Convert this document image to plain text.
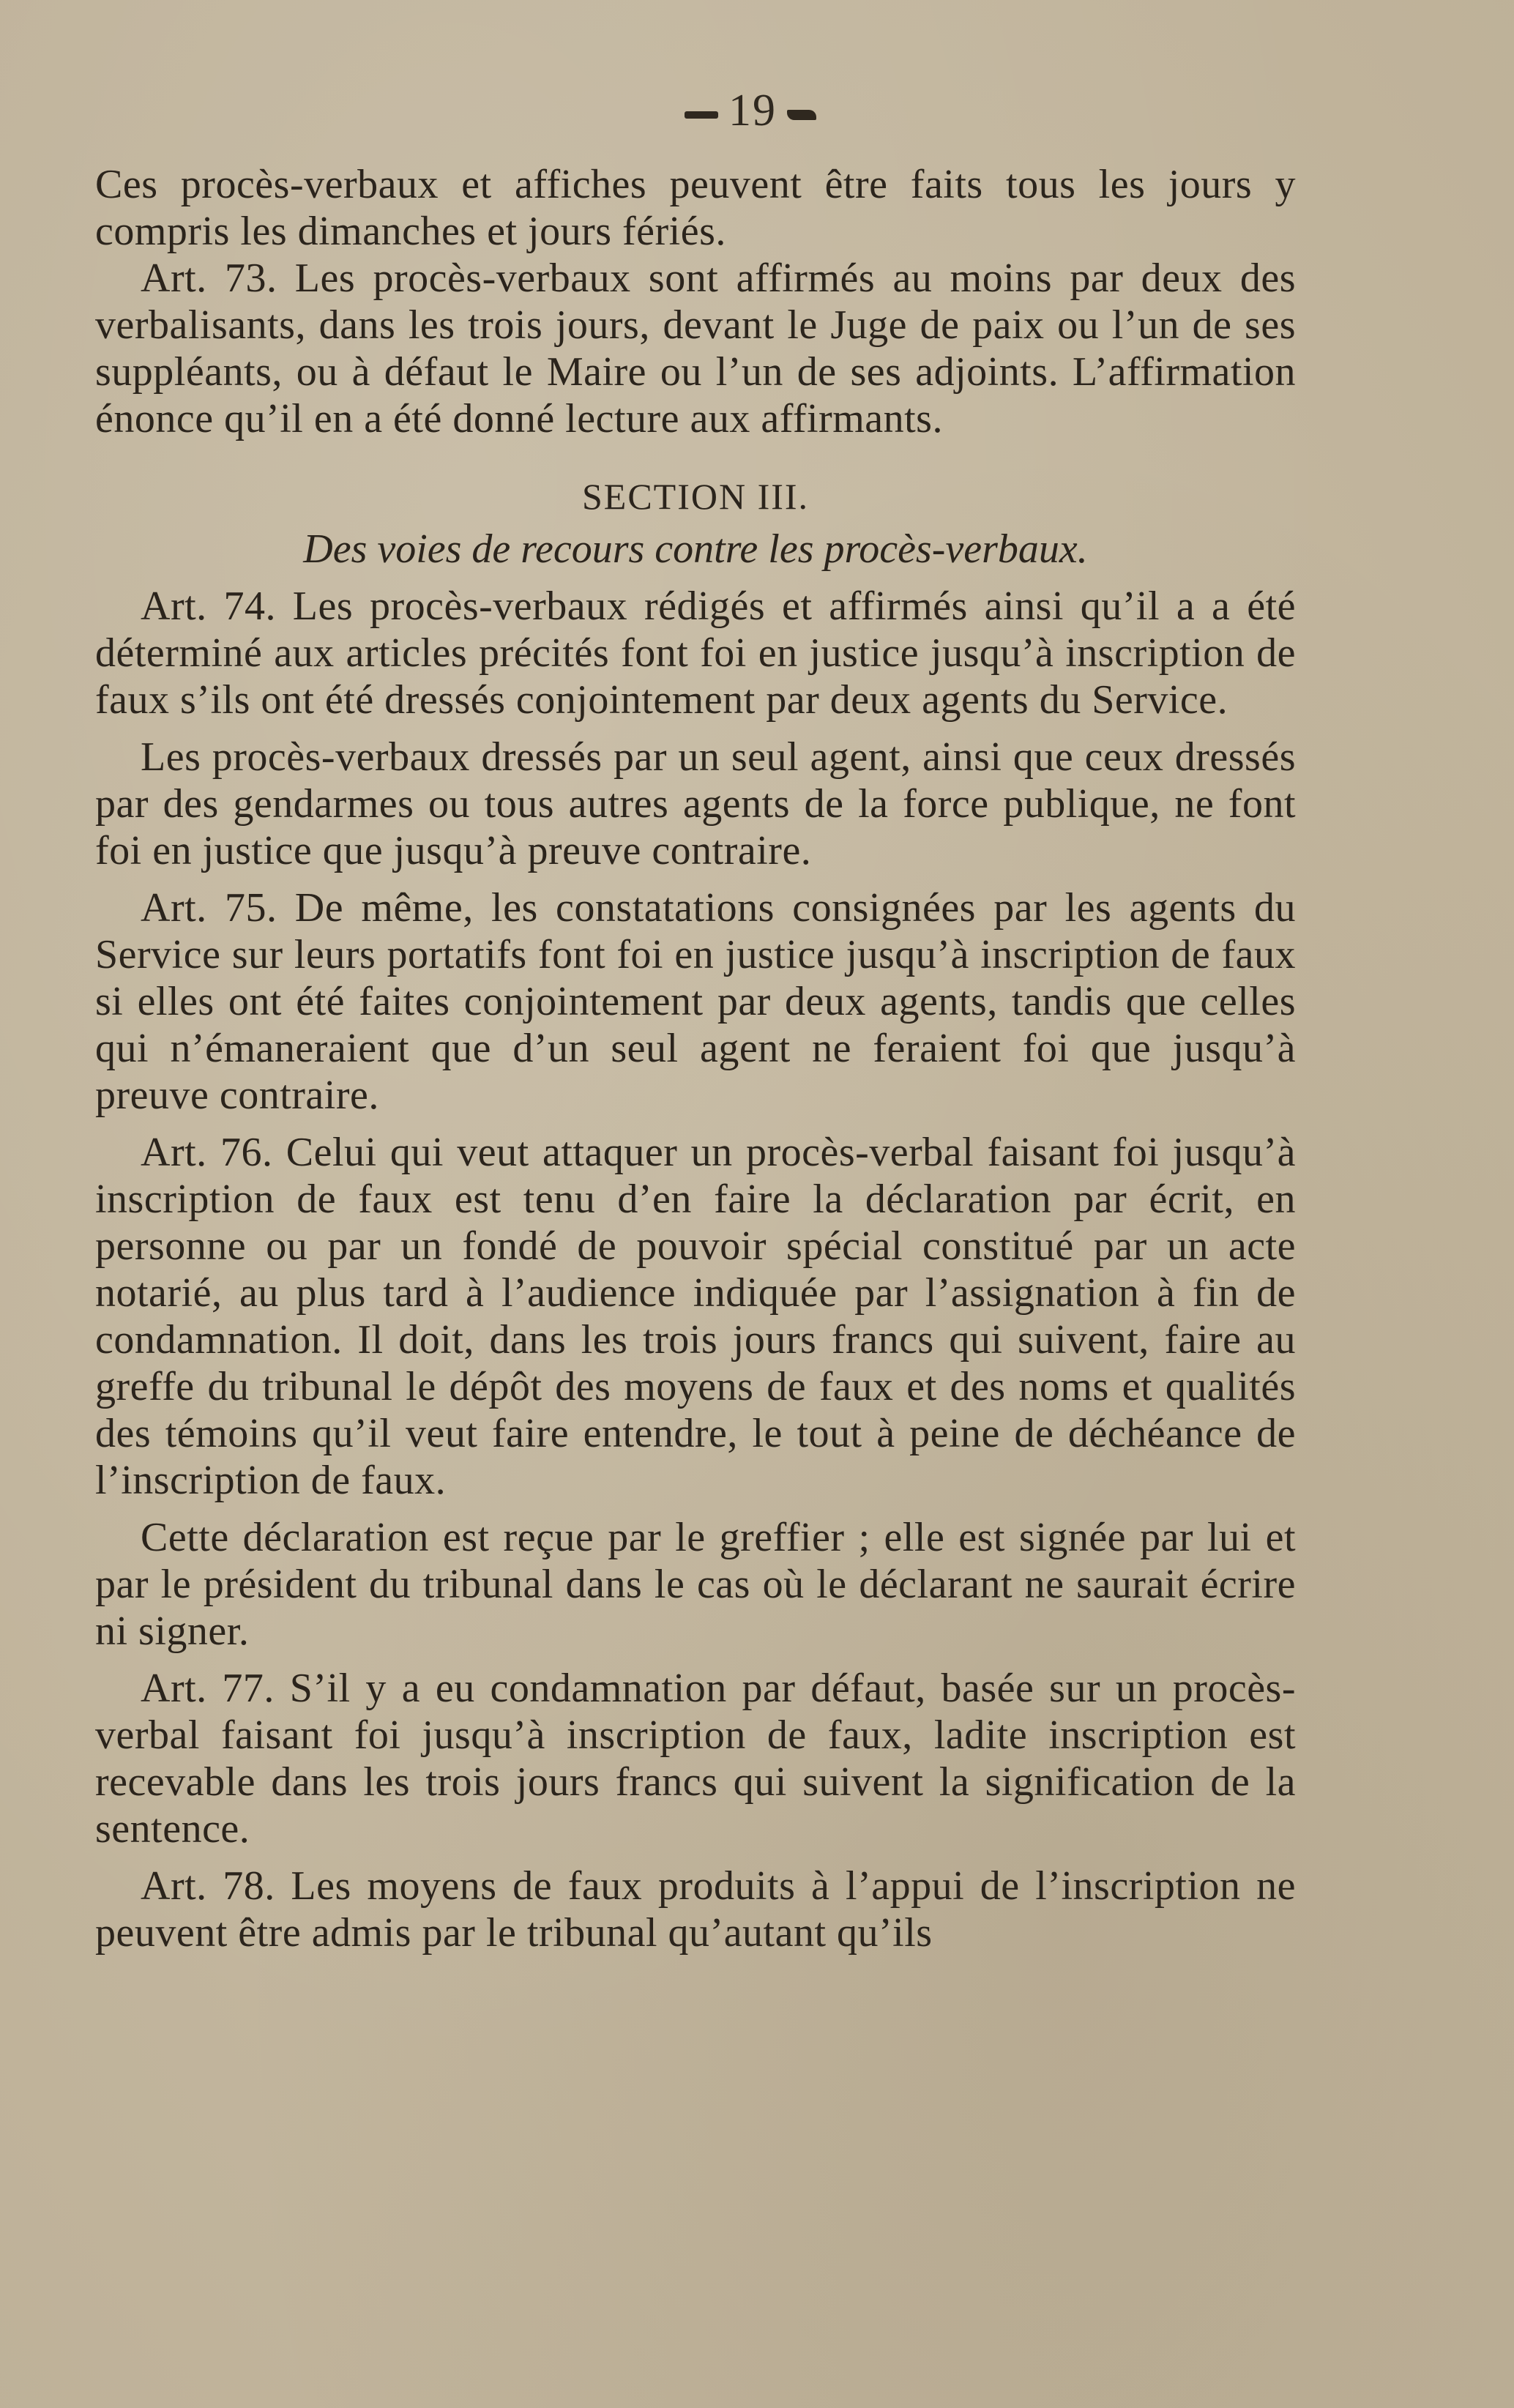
19

Ces procès-verbaux et affiches peuvent être faits tous les jours y compris les dimanches et jours fériés.

Art. 73. Les procès-verbaux sont affirmés au moins par deux des verbalisants, dans les trois jours, devant le Juge de paix ou l’un de ses suppléants, ou à défaut le Maire ou l’un de ses adjoints. L’affirmation énonce qu’il en a été donné lecture aux affirmants.

SECTION III.
Des voies de recours contre les procès-verbaux.

Art. 74. Les procès-verbaux rédigés et affirmés ainsi qu’il a a été déterminé aux articles précités font foi en justice jusqu’à inscription de faux s’ils ont été dressés conjointement par deux agents du Service.

Les procès-verbaux dressés par un seul agent, ainsi que ceux dressés par des gendarmes ou tous autres agents de la force publique, ne font foi en justice que jusqu’à preuve contraire.

Art. 75. De même, les constatations consignées par les agents du Service sur leurs portatifs font foi en justice jusqu’à inscription de faux si elles ont été faites conjointement par deux agents, tandis que celles qui n’émaneraient que d’un seul agent ne feraient foi que jusqu’à preuve contraire.

Art. 76. Celui qui veut attaquer un procès-verbal faisant foi jusqu’à inscription de faux est tenu d’en faire la déclaration par écrit, en personne ou par un fondé de pouvoir spécial constitué par un acte notarié, au plus tard à l’audience indiquée par l’assignation à fin de condamnation. Il doit, dans les trois jours francs qui suivent, faire au greffe du tribunal le dépôt des moyens de faux et des noms et qualités des témoins qu’il veut faire entendre, le tout à peine de déchéance de l’inscription de faux.

Cette déclaration est reçue par le greffier ; elle est signée par lui et par le président du tribunal dans le cas où le déclarant ne saurait écrire ni signer.

Art. 77. S’il y a eu condamnation par défaut, basée sur un procès-verbal faisant foi jusqu’à inscription de faux, ladite inscription est recevable dans les trois jours francs qui suivent la signification de la sentence.

Art. 78. Les moyens de faux produits à l’appui de l’inscription ne peuvent être admis par le tribunal qu’autant qu’ils
